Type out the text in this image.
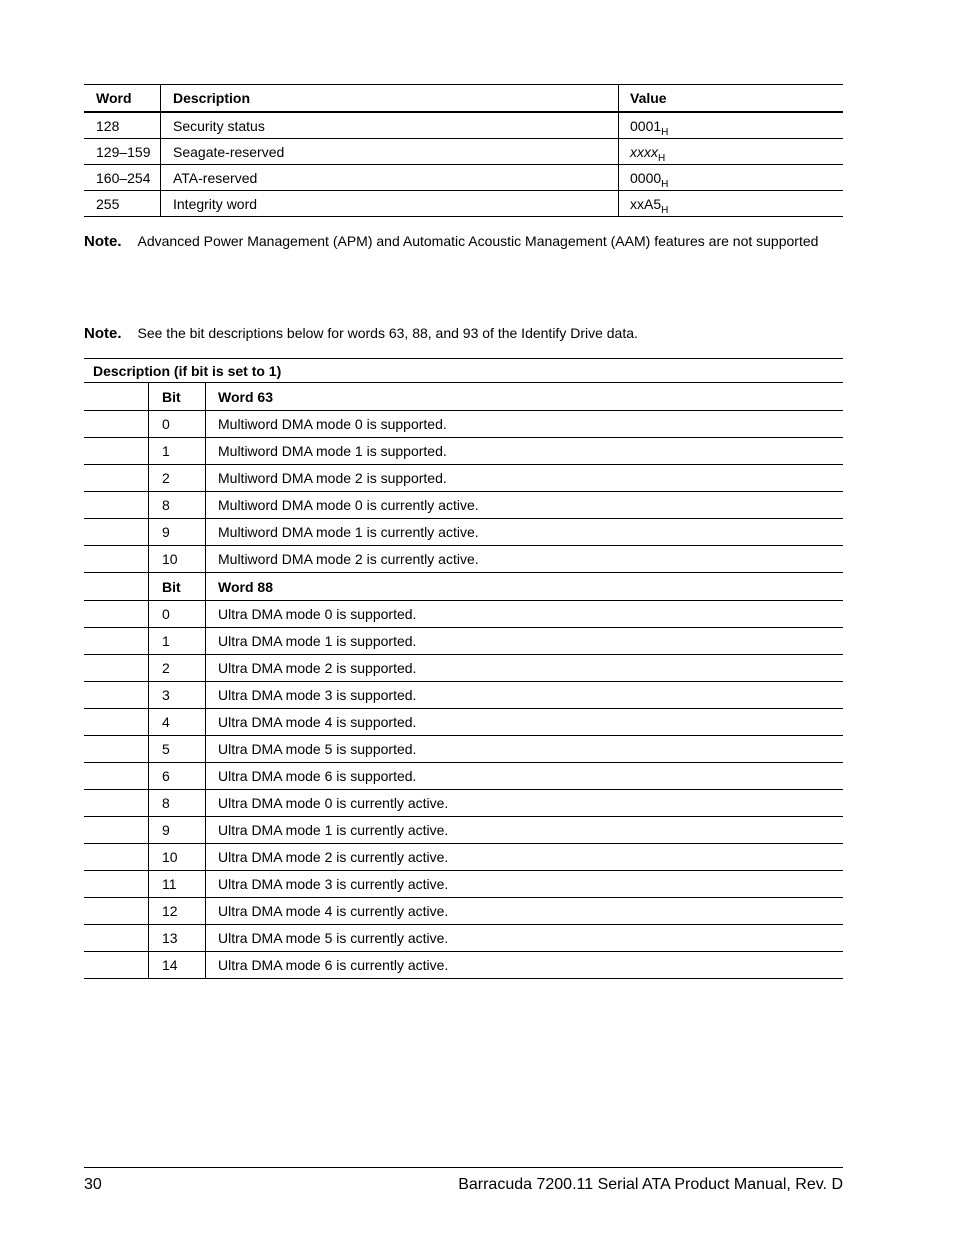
Word	Description	Value
128	Security status	$0001_H$
129–159	Seagate-reserved	xxxx$_H$
160–254	ATA-reserved	$0000_H$
255	Integrity word	$xxA5_H$
Note. Advanced Power Management (APM) and Automatic Acoustic Management (AAM) features are not supported
Note. See the bit descriptions below for words 63, 88, and 93 of the Identify Drive data.
Description (if bit is set to 1)		
	Bit	Word 63
	0	Multiword DMA mode 0 is supported.
	1	Multiword DMA mode 1 is supported.
	2	Multiword DMA mode 2 is supported.
	8	Multiword DMA mode 0 is currently active.
	9	Multiword DMA mode 1 is currently active.
	10	Multiword DMA mode 2 is currently active.
	Bit	Word 88
	0	Ultra DMA mode 0 is supported.
	1	Ultra DMA mode 1 is supported.
	2	Ultra DMA mode 2 is supported.
	3	Ultra DMA mode 3 is supported.
	4	Ultra DMA mode 4 is supported.
	5	Ultra DMA mode 5 is supported.
	6	Ultra DMA mode 6 is supported.
	8	Ultra DMA mode 0 is currently active.
	9	Ultra DMA mode 1 is currently active.
	10	Ultra DMA mode 2 is currently active.
	11	Ultra DMA mode 3 is currently active.
	12	Ultra DMA mode 4 is currently active.
	13	Ultra DMA mode 5 is currently active.
	14	Ultra DMA mode 6 is currently active.
30	Barracuda 7200.11 Serial ATA Product Manual, Rev. D
